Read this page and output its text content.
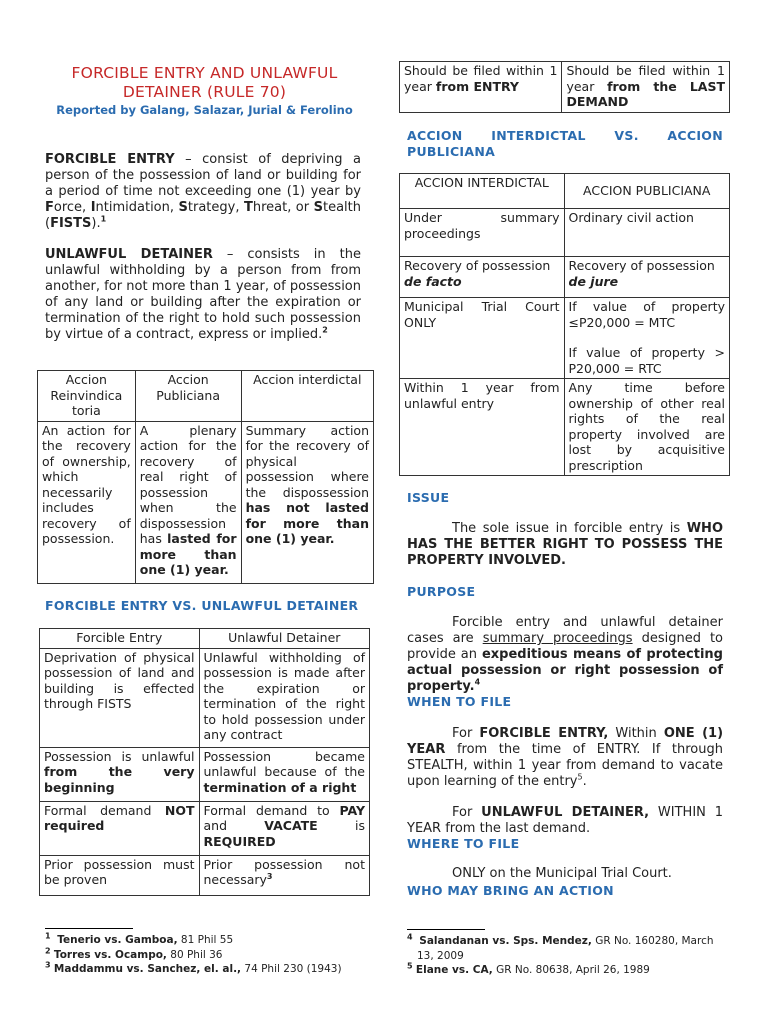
FORCIBLE ENTRY AND UNLAWFUL
DETAINER (RULE 70)
Reported by Galang, Salazar, Jurial & Ferolino

FORCIBLE ENTRY – consist of depriving a person of the possession of land or building for a period of time not exceeding one (1) year by Force, Intimidation, Strategy, Threat, or Stealth (FISTS).$^1$

UNLAWFUL DETAINER – consists in the unlawful withholding by a person from from another, for not more than 1 year, of possession of any land or building after the expiration or termination of the right to hold such possession by virtue of a contract, express or implied.$^2$

Accion Reinvindica toria	Accion Publiciana	Accion interdictal
An action for the recovery of ownership, which necessarily includes recovery of possession.	A plenary action for the recovery of real right of possession when the dispossession has lasted for more than one (1) year.	Summary action for the recovery of physical possession where the dispossession has not lasted for more than one (1) year.
FORCIBLE ENTRY VS. UNLAWFUL DETAINER
Forcible Entry	Unlawful Detainer
Deprivation of physical possession of land and building is effected through FISTS	Unlawful withholding of possession is made after the expiration or termination of the right to hold possession under any contract
Possession is unlawful from the very beginning	Possession became unlawful because of the termination of a right
Formal demand NOT required	Formal demand to PAY and VACATE is REQUIRED
Prior possession must be proven	Prior possession not necessary$^3$
$^1$ Tenerio vs. Gamboa, 81 Phil 55
$^2$ Torres vs. Ocampo, 80 Phil 36
$^3$ Maddammu vs. Sanchez, el. al., 74 Phil 230 (1943)
Should be filed within 1 year from ENTRY	Should be filed within 1 year from the LAST DEMAND
ACCION INTERDICTAL VS. ACCION PUBLICIANA
ACCION INTERDICTAL	ACCION PUBLICIANA
Under summary proceedings	Ordinary civil action
Recovery of possession de facto	Recovery of possession de jure
Municipal Trial Court ONLY	If value of property ≤P20,000 = MTC
If value of property > P20,000 = RTC

Within 1 year from unlawful entry	Any time before ownership of other real rights of the real property involved are lost by acquisitive prescription
ISSUE

The sole issue in forcible entry is WHO HAS THE BETTER RIGHT TO POSSESS THE PROPERTY INVOLVED.

PURPOSE

Forcible entry and unlawful detainer cases are summary proceedings designed to provide an expeditious means of protecting actual possession or right possession of property.$^4$

WHEN TO FILE

For FORCIBLE ENTRY, Within ONE (1) YEAR from the time of ENTRY. If through STEALTH, within 1 year from demand to vacate upon learning of the entry$^5$.

For UNLAWFUL DETAINER, WITHIN 1 YEAR from the last demand.

WHERE TO FILE

ONLY on the Municipal Trial Court.

WHO MAY BRING AN ACTION
$^4$ Salandanan vs. Sps. Mendez, GR No. 160280, March 13, 2009
$^5$ Elane vs. CA, GR No. 80638, April 26, 1989
